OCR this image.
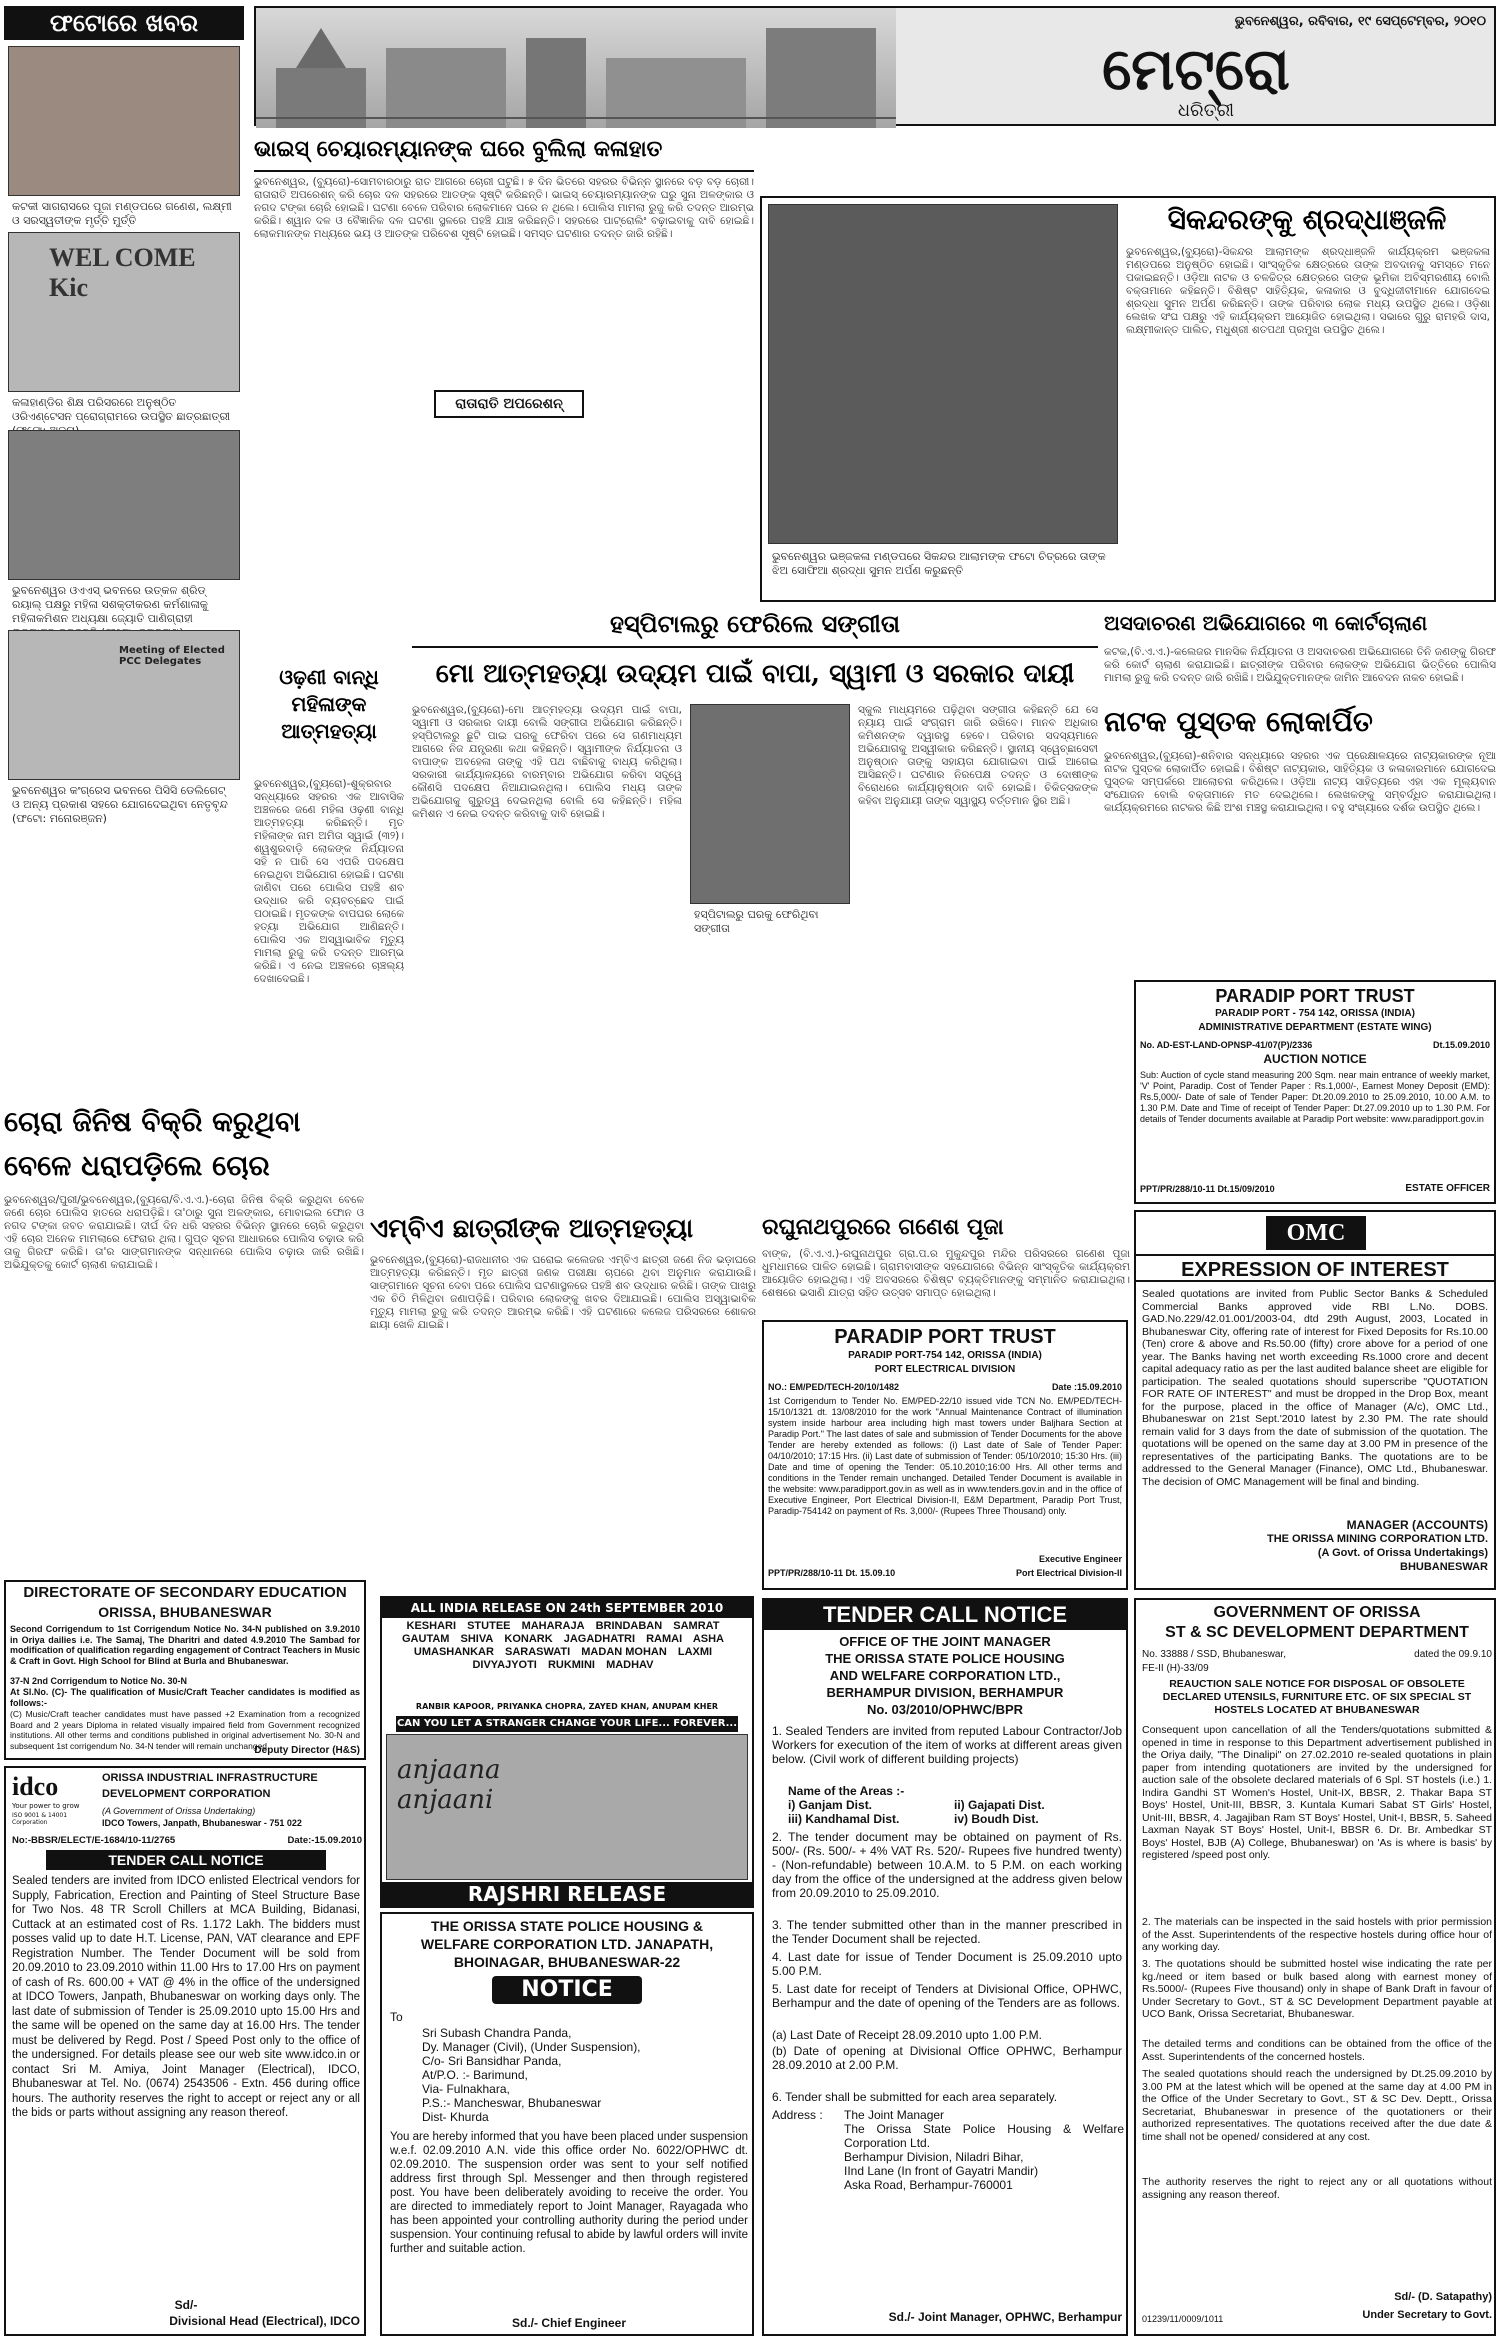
ଫଟୋରେ ଖବର
କଟକୀ ସାଗରାସରେ ପୂଜା ମଣ୍ଡପରେ ଗଣେଶ, ଲକ୍ଷ୍ମୀ ଓ ସରସ୍ୱତୀଙ୍କ ମୃର୍ତ୍ତି ମୁର୍ତ୍ତି
WEL COME Kic
କଳାହାଣ୍ଡିର ଶିକ୍ଷ ପରିସରରେ ଅନୁଷ୍ଠିତ ଓରିଏଣ୍ଟେସନ ପ୍ରୋଗ୍ରାମରେ ଉପସ୍ଥିତ ଛାତ୍ରଛାତ୍ରୀ
ଭୁବନେଶ୍ୱର ଓଏଏସ୍ ଭବନରେ ଉତ୍କଳ ଶ୍ରିଡ୍ ରୟାଲ୍ ପକ୍ଷରୁ ମହିଳା ସଶକ୍ତୀକରଣ କର୍ମଶାଳାକୁ ମହିଳାକମିଶନ ଅଧ୍ୟକ୍ଷା ଜ୍ୟୋତି ପାଣିଗ୍ରାହୀ
Meeting of Elected PCC Delegates
ଭୁବନେଶ୍ୱର କଂଗ୍ରେସ ଭବନରେ ପିସିସି ଡେଲିଗେଟ୍ ଓ ଅନ୍ୟ ପ୍ରକାଶ ସହରେ ଯୋଗଦେଇଥିବା ନେତୃବୃନ୍ଦ (ଫଟୋ: ମନୋରଞ୍ଜନ)
ଭୁବନେଶ୍ୱର, ରବିବାର, ୧୯ ସେପ୍ଟେମ୍ବର, ୨୦୧୦
ମେଟ୍ରୋ
ଧରିତ୍ରୀ
ଭାଇସ୍ ଚେୟାରମ୍ୟାନଙ୍କ ଘରେ ବୁଲିଲା କଳାହାତ
ଭୁବନେଶ୍ୱର, (ବ୍ୟୁରୋ)-ସୋମବାରଠାରୁ ରାତ ଆଗରେ ଚୋରୀ ଘଟୁଛି। ୫ ଦିନ ଭିତରେ ସହରର ବିଭିନ୍ନ ସ୍ଥାନରେ ବଡ଼ ବଡ଼ ଚୋରୀ। ରାତାରାତି ଅପରେଶନ୍ କରି ଚୋର ଦଳ ସହରରେ ଆତଙ୍କ ସୃଷ୍ଟି କରିଛନ୍ତି। ଭାଇସ୍ ଚେୟାରମ୍ୟାନଙ୍କ ଘରୁ ସୁନା ଅଳଙ୍କାର ଓ ନଗଦ ଟଙ୍କା ଚୋରି ହୋଇଛି। ଘଟଣା ବେଳେ ପରିବାର ଲୋକମାନେ ଘରେ ନ ଥିଲେ। ପୋଲିସ ମାମଲା ରୁଜୁ କରି ତଦନ୍ତ ଆରମ୍ଭ କରିଛି। ଶ୍ୱାନ ଦଳ ଓ ବୈଜ୍ଞାନିକ ଦଳ ଘଟଣା ସ୍ଥଳରେ ପହଞ୍ଚି ଯାଞ୍ଚ କରିଛନ୍ତି। ସହରରେ ପାଟ୍ରୋଲିଂ ବଢ଼ାଇବାକୁ ଦାବି ହୋଇଛି। ଲୋକମାନଙ୍କ ମଧ୍ୟରେ ଭୟ ଓ ଆତଙ୍କ ପରିବେଶ ସୃଷ୍ଟି ହୋଇଛି। ସମସ୍ତ ଘଟଣାର ତଦନ୍ତ ଜାରି ରହିଛି।
ରାତାରାତି ଅପରେଶନ୍
ସିକନ୍ଦରଙ୍କୁ ଶ୍ରଦ୍ଧାଞ୍ଜଳି
ଭୁବନେଶ୍ୱର ଭଞ୍ଜକଳା ମଣ୍ଡପରେ ସିକନ୍ଦର ଆଲାମଙ୍କ ଫଟୋ ଚିତ୍ରରେ ତାଙ୍କ ଝିଅ ସୋଫିଆ ଶ୍ରଦ୍ଧା ସୁମନ ଅର୍ପଣ କରୁଛନ୍ତି
ଭୁବନେଶ୍ୱର,(ବ୍ୟୁରୋ)-ସିକନ୍ଦର ଆଲାମଙ୍କ ଶ୍ରଦ୍ଧାଞ୍ଜଳି କାର୍ଯ୍ୟକ୍ରମ ଭଞ୍ଜକଳା ମଣ୍ଡପରେ ଅନୁଷ୍ଠିତ ହୋଇଛି। ସାଂସ୍କୃତିକ କ୍ଷେତ୍ରରେ ତାଙ୍କ ଅବଦାନକୁ ସମସ୍ତେ ମନେ ପକାଇଛନ୍ତି। ଓଡ଼ିଆ ନାଟକ ଓ ଚଳଚ୍ଚିତ୍ର କ୍ଷେତ୍ରରେ ତାଙ୍କ ଭୂମିକା ଅବିସ୍ମରଣୀୟ ବୋଲି ବକ୍ତାମାନେ କହିଛନ୍ତି। ବିଶିଷ୍ଟ ସାହିତ୍ୟିକ, କଳାକାର ଓ ବୁଦ୍ଧିଜୀବୀମାନେ ଯୋଗଦେଇ ଶ୍ରଦ୍ଧା ସୁମନ ଅର୍ପଣ କରିଛନ୍ତି। ତାଙ୍କ ପରିବାର ଲୋକ ମଧ୍ୟ ଉପସ୍ଥିତ ଥିଲେ। ଓଡ଼ିଶା ଲେଖକ ସଂଘ ପକ୍ଷରୁ ଏହି କାର୍ଯ୍ୟକ୍ରମ ଆୟୋଜିତ ହୋଇଥିଲା। ସଭାରେ ଗୁରୁ ରାମହରି ଦାସ, ଲକ୍ଷ୍ମୀକାନ୍ତ ପାଲିତ, ମଧୁଶ୍ରୀ ଶତପଥୀ ପ୍ରମୁଖ ଉପସ୍ଥିତ ଥିଲେ।
ଓଢ଼ଣୀ ବାନ୍ଧି ମହିଳାଙ୍କ ଆତ୍ମହତ୍ୟା
ଭୁବନେଶ୍ୱର,(ବ୍ୟୁରୋ)-ଶୁକ୍ରବାର ସନ୍ଧ୍ୟାରେ ସହରର ଏକ ଆବାସିକ ଅଞ୍ଚଳରେ ଜଣେ ମହିଳା ଓଢ଼ଣୀ ବାନ୍ଧି ଆତ୍ମହତ୍ୟା କରିଛନ୍ତି। ମୃତ ମହିଳାଙ୍କ ନାମ ଅମିତା ସ୍ୱାଇଁ (୩୨)। ଶ୍ୱଶୁରବାଡ଼ି ଲୋକଙ୍କ ନିର୍ଯ୍ୟାତନା ସହି ନ ପାରି ସେ ଏପରି ପଦକ୍ଷେପ ନେଇଥିବା ଅଭିଯୋଗ ହୋଇଛି। ଘଟଣା ଜାଣିବା ପରେ ପୋଲିସ ପହଞ୍ଚି ଶବ ଉଦ୍ଧାର କରି ବ୍ୟବଚ୍ଛେଦ ପାଇଁ ପଠାଇଛି। ମୃତକଙ୍କ ବାପଘର ଲୋକେ ହତ୍ୟା ଅଭିଯୋଗ ଆଣିଛନ୍ତି। ପୋଲିସ ଏକ ଅସ୍ୱାଭାବିକ ମୃତ୍ୟୁ ମାମଲା ରୁଜୁ କରି ତଦନ୍ତ ଆରମ୍ଭ କରିଛି। ଏ ନେଇ ଅଞ୍ଚଳରେ ଚାଞ୍ଚଲ୍ୟ ଦେଖାଦେଇଛି।
ହସ୍ପିଟାଲରୁ ଫେରିଲେ ସଙ୍ଗୀତା
ମୋ ଆତ୍ମହତ୍ୟା ଉଦ୍ୟମ ପାଇଁ ବାପା, ସ୍ୱାମୀ ଓ ସରକାର ଦାୟୀ
ଭୁବନେଶ୍ୱର,(ବ୍ୟୁରୋ)-ମୋ ଆତ୍ମହତ୍ୟା ଉଦ୍ୟମ ପାଇଁ ବାପା, ସ୍ୱାମୀ ଓ ସରକାର ଦାୟୀ ବୋଲି ସଙ୍ଗୀତା ଅଭିଯୋଗ କରିଛନ୍ତି। ହସ୍ପିଟାଲରୁ ଛୁଟି ପାଇ ଘରକୁ ଫେରିବା ପରେ ସେ ଗଣମାଧ୍ୟମ ଆଗରେ ନିଜ ଯନ୍ତ୍ରଣା କଥା କହିଛନ୍ତି। ସ୍ୱାମୀଙ୍କ ନିର୍ଯ୍ୟାତନା ଓ ବାପାଙ୍କ ଅବହେଳା ତାଙ୍କୁ ଏହି ପଥ ବାଛିବାକୁ ବାଧ୍ୟ କରିଥିଲା। ସରକାରୀ କାର୍ଯ୍ୟାଳୟରେ ବାରମ୍ବାର ଅଭିଯୋଗ କରିବା ସତ୍ତ୍ୱେ କୌଣସି ପଦକ୍ଷେପ ନିଆଯାଇନଥିଲା। ପୋଲିସ ମଧ୍ୟ ତାଙ୍କ ଅଭିଯୋଗକୁ ଗୁରୁତ୍ୱ ଦେଇନଥିଲା ବୋଲି ସେ କହିଛନ୍ତି। ମହିଳା କମିଶନ ଏ ନେଇ ତଦନ୍ତ କରିବାକୁ ଦାବି ହୋଇଛି।
ହସ୍ପିଟାଲରୁ ଘରକୁ ଫେରିଥିବା ସଙ୍ଗୀତା
ସ୍କୁଲ ମାଧ୍ୟମରେ ପଢ଼ିଥିବା ସଙ୍ଗୀତା କହିଛନ୍ତି ଯେ ସେ ନ୍ୟାୟ ପାଇଁ ସଂଗ୍ରାମ ଜାରି ରଖିବେ। ମାନବ ଅଧିକାର କମିଶନଙ୍କ ଦ୍ୱାରସ୍ଥ ହେବେ। ପରିବାର ସଦସ୍ୟମାନେ ଅଭିଯୋଗକୁ ଅସ୍ୱୀକାର କରିଛନ୍ତି। ସ୍ଥାନୀୟ ସ୍ୱେଚ୍ଛାସେବୀ ଅନୁଷ୍ଠାନ ତାଙ୍କୁ ସହାୟତା ଯୋଗାଇବା ପାଇଁ ଆଗେଇ ଆସିଛନ୍ତି। ଘଟଣାର ନିରପେକ୍ଷ ତଦନ୍ତ ଓ ଦୋଷୀଙ୍କ ବିରୋଧରେ କାର୍ଯ୍ୟାନୁଷ୍ଠାନ ଦାବି ହୋଇଛି। ଚିକିତ୍ସକଙ୍କ କହିବା ଅନୁଯାୟୀ ତାଙ୍କ ସ୍ୱାସ୍ଥ୍ୟ ବର୍ତ୍ତମାନ ସ୍ଥିର ଅଛି।
ଅସଦାଚରଣ ଅଭିଯୋଗରେ ୩ କୋର୍ଟଚାଲାଣ
କଟକ,(ବି.ଏ.ଏ.)-କଲେଜର ମାନସିକ ନିର୍ଯ୍ୟାତନା ଓ ଅସଦାଚରଣ ଅଭିଯୋଗରେ ତିନି ଜଣଙ୍କୁ ଗିରଫ କରି କୋର୍ଟ ଚାଲାଣ କରାଯାଇଛି। ଛାତ୍ରୀଙ୍କ ପରିବାର ଲୋକଙ୍କ ଅଭିଯୋଗ ଭିତ୍ତିରେ ପୋଲିସ ମାମଲା ରୁଜୁ କରି ତଦନ୍ତ ଜାରି ରଖିଛି। ଅଭିଯୁକ୍ତମାନଙ୍କ ଜାମିନ ଆବେଦନ ନାକଚ ହୋଇଛି।
ନାଟକ ପୁସ୍ତକ ଲୋକାର୍ପିତ
ଭୁବନେଶ୍ୱର,(ବ୍ୟୁରୋ)-ଶନିବାର ସନ୍ଧ୍ୟାରେ ସହରର ଏକ ପ୍ରେକ୍ଷାଳୟରେ ନାଟ୍ୟକାରଙ୍କ ନୂଆ ନାଟକ ପୁସ୍ତକ ଲୋକାର୍ପିତ ହୋଇଛି। ବିଶିଷ୍ଟ ନାଟ୍ୟକାର, ସାହିତ୍ୟିକ ଓ କଳାକାରମାନେ ଯୋଗଦେଇ ପୁସ୍ତକ ସମ୍ପର୍କରେ ଆଲୋଚନା କରିଥିଲେ। ଓଡ଼ିଆ ନାଟ୍ୟ ସାହିତ୍ୟରେ ଏହା ଏକ ମୂଲ୍ୟବାନ ସଂଯୋଜନ ବୋଲି ବକ୍ତାମାନେ ମତ ଦେଇଥିଲେ। ଲେଖକଙ୍କୁ ସମ୍ବର୍ଦ୍ଧିତ କରାଯାଇଥିଲା। କାର୍ଯ୍ୟକ୍ରମରେ ନାଟକର କିଛି ଅଂଶ ମଞ୍ଚସ୍ଥ କରାଯାଇଥିଲା। ବହୁ ସଂଖ୍ୟାରେ ଦର୍ଶକ ଉପସ୍ଥିତ ଥିଲେ।
PARADIP PORT TRUST
PARADIP PORT - 754 142, ORISSA (INDIA)
ADMINISTRATIVE DEPARTMENT (ESTATE WING)
No. AD-EST-LAND-OPNSP-41/07(P)/2336	Dt.15.09.2010
AUCTION NOTICE
Sub: Auction of cycle stand measuring 200 Sqm. near main entrance of weekly market, 'V' Point, Paradip. Cost of Tender Paper : Rs.1,000/-, Earnest Money Deposit (EMD): Rs.5,000/- Date of sale of Tender Paper: Dt.20.09.2010 to 25.09.2010, 10.00 A.M. to 1.30 P.M. Date and Time of receipt of Tender Paper: Dt.27.09.2010 up to 1.30 P.M. For details of Tender documents available at Paradip Port website: www.paradipport.gov.in
PPT/PR/288/10-11 Dt.15/09/2010	ESTATE OFFICER
ଚୋରା ଜିନିଷ ବିକ୍ରି କରୁଥିବା ବେଳେ ଧରାପଡ଼ିଲେ ଚୋର
ଭୁବନେଶ୍ୱର/ପୁରୀ/ଭୁବନେଶ୍ୱର,(ବ୍ୟୁରୋ/ବି.ଏ.ଏ.)-ଚୋରା ଜିନିଷ ବିକ୍ରି କରୁଥିବା ବେଳେ ଜଣେ ଚୋର ପୋଲିସ ହାତରେ ଧରାପଡ଼ିଛି। ତା'ଠାରୁ ସୁନା ଅଳଙ୍କାର, ମୋବାଇଲ ଫୋନ ଓ ନଗଦ ଟଙ୍କା ଜବତ କରାଯାଇଛି। ଦୀର୍ଘ ଦିନ ଧରି ସହରର ବିଭିନ୍ନ ସ୍ଥାନରେ ଚୋରି କରୁଥିବା ଏହି ଚୋର ଅନେକ ମାମଲାରେ ଫେରାର ଥିଲା। ଗୁପ୍ତ ସୂଚନା ଆଧାରରେ ପୋଲିସ ଚଢ଼ାଉ କରି ତାକୁ ଗିରଫ କରିଛି। ତା'ର ସାଙ୍ଗମାନଙ୍କ ସନ୍ଧାନରେ ପୋଲିସ ଚଢ଼ାଉ ଜାରି ରଖିଛି। ଅଭିଯୁକ୍ତକୁ କୋର୍ଟ ଚାଲାଣ କରାଯାଇଛି।
ଏମ୍‌ବିଏ ଛାତ୍ରୀଙ୍କ ଆତ୍ମହତ୍ୟା
ଭୁବନେଶ୍ୱର,(ବ୍ୟୁରୋ)-ରାଜଧାନୀର ଏକ ଘରୋଇ କଲେଜର ଏମ୍‌ବିଏ ଛାତ୍ରୀ ଜଣେ ନିଜ ଭଡ଼ାଘରେ ଆତ୍ମହତ୍ୟା କରିଛନ୍ତି। ମୃତ ଛାତ୍ରୀ ଜଣକ ପରୀକ୍ଷା ଚାପରେ ଥିବା ଅନୁମାନ କରାଯାଉଛି। ସାଙ୍ଗମାନେ ସୂଚନା ଦେବା ପରେ ପୋଲିସ ଘଟଣାସ୍ଥଳରେ ପହଞ୍ଚି ଶବ ଉଦ୍ଧାର କରିଛି। ତାଙ୍କ ପାଖରୁ ଏକ ଚିଠି ମିଳିଥିବା ଜଣାପଡ଼ିଛି। ପରିବାର ଲୋକଙ୍କୁ ଖବର ଦିଆଯାଇଛି। ପୋଲିସ ଅସ୍ୱାଭାବିକ ମୃତ୍ୟୁ ମାମଲା ରୁଜୁ କରି ତଦନ୍ତ ଆରମ୍ଭ କରିଛି। ଏହି ଘଟଣାରେ କଲେଜ ପରିସରରେ ଶୋକର ଛାୟା ଖେଳି ଯାଇଛି।
ରଘୁନାଥପୁରରେ ଗଣେଶ ପୂଜା
ବାଙ୍କ, (ବି.ଏ.ଏ.)-ରଘୁନାଥପୁର ଗ୍ରା.ପ.ର ମୁକୁନ୍ଦପୁର ମନ୍ଦିର ପରିସରରେ ଗଣେଶ ପୂଜା ଧୁମଧାମରେ ପାଳିତ ହୋଇଛି। ଗ୍ରାମବାସୀଙ୍କ ସହଯୋଗରେ ବିଭିନ୍ନ ସାଂସ୍କୃତିକ କାର୍ଯ୍ୟକ୍ରମ ଆୟୋଜିତ ହୋଇଥିଲା। ଏହି ଅବସରରେ ବିଶିଷ୍ଟ ବ୍ୟକ୍ତିମାନଙ୍କୁ ସମ୍ମାନିତ କରାଯାଇଥିଲା। ଶେଷରେ ଭସାଣି ଯାତ୍ରା ସହିତ ଉତ୍ସବ ସମାପ୍ତ ହୋଇଥିଲା।
OMC
EXPRESSION OF INTEREST
Sealed quotations are invited from Public Sector Banks & Scheduled Commercial Banks approved vide RBI L.No. DOBS. GAD.No.229/42.01.001/2003-04, dtd 29th August, 2003, Located in Bhubaneswar City, offering rate of interest for Fixed Deposits for Rs.10.00 (Ten) crore & above and Rs.50.00 (fifty) crore above for a period of one year. The Banks having net worth exceeding Rs.1000 crore and decent capital adequacy ratio as per the last audited balance sheet are eligible for participation. The sealed quotations should superscribe "QUOTATION FOR RATE OF INTEREST" and must be dropped in the Drop Box, meant for the purpose, placed in the office of Manager (A/c), OMC Ltd., Bhubaneswar on 21st Sept.'2010 latest by 2.30 PM. The rate should remain valid for 3 days from the date of submission of the quotation. The quotations will be opened on the same day at 3.00 PM in presence of the representatives of the participating Banks. The quotations are to be addressed to the General Manager (Finance), OMC Ltd., Bhubaneswar. The decision of OMC Management will be final and binding.
MANAGER (ACCOUNTS)
THE ORISSA MINING CORPORATION LTD.
(A Govt. of Orissa Undertakings)
BHUBANESWAR
PARADIP PORT TRUST
PARADIP PORT-754 142, ORISSA (INDIA)
PORT ELECTRICAL DIVISION
NO.: EM/PED/TECH-20/10/1482	Date :15.09.2010
1st Corrigendum to Tender No. EM/PED-22/10 issued vide TCN No. EM/PED/TECH-15/10/1321 dt. 13/08/2010 for the work "Annual Maintenance Contract of illumination system inside harbour area including high mast towers under Baljhara Section at Paradip Port." The last dates of sale and submission of Tender Documents for the above Tender are hereby extended as follows: (i) Last date of Sale of Tender Paper: 04/10/2010; 17:15 Hrs. (ii) Last date of submission of Tender: 05/10/2010; 15:30 Hrs. (iii) Date and time of opening the Tender: 05.10.2010;16:00 Hrs. All other terms and conditions in the Tender remain unchanged. Detailed Tender Document is available in the website: www.paradipport.gov.in as well as in www.tenders.gov.in and in the office of Executive Engineer, Port Electrical Division-II, E&M Department, Paradip Port Trust, Paradip-754142 on payment of Rs. 3,000/- (Rupees Three Thousand) only.
Executive Engineer
PPT/PR/288/10-11 Dt. 15.09.10	Port Electrical Division-II
DIRECTORATE OF SECONDARY EDUCATION
ORISSA, BHUBANESWAR
Second Corrigendum to 1st Corrigendum Notice No. 34-N published on 3.9.2010 in Oriya dailies i.e. The Samaj, The Dharitri and dated 4.9.2010 The Sambad for modification of qualification regarding engagement of Contract Teachers in Music & Craft in Govt. High School for Blind at Burla and Bhubaneswar.
37-N 2nd Corrigendum to Notice No. 30-N
At Sl.No. (C)- The qualification of Music/Craft Teacher candidates is modified as follows:-
(C) Music/Craft teacher candidates must have passed +2 Examination from a recognized Board and 2 years Diploma in related visually impaired field from Government recognized institutions. All other terms and conditions published in original advertisement No. 30-N and subsequent 1st corrigendum No. 34-N tender will remain unchanged.
Deputy Director (H&S)
ALL INDIA RELEASE ON 24th SEPTEMBER 2010
KESHARI STUTEE MAHARAJA BRINDABAN SAMRAT GAUTAM SHIVA KONARK JAGADHATRI RAMAI ASHA UMASHANKAR SARASWATI MADAN MOHAN LAXMI DIVYAJYOTI RUKMINI MADHAV
RANBIR KAPOOR, PRIYANKA CHOPRA, ZAYED KHAN, ANUPAM KHER
CAN YOU LET A STRANGER CHANGE YOUR LIFE... FOREVER...
anjaana anjaani
RAJSHRI RELEASE
THE ORISSA STATE POLICE HOUSING &
WELFARE CORPORATION LTD. JANAPATH,
BHOINAGAR, BHUBANESWAR-22
NOTICE
To
Sri Subash Chandra Panda,
Dy. Manager (Civil), (Under Suspension),
C/o- Sri Bansidhar Panda,
At/P.O. :- Barimund,
Via- Fulnakhara,
P.S.:- Mancheswar, Bhubaneswar
Dist- Khurda
You are hereby informed that you have been placed under suspension w.e.f. 02.09.2010 A.N. vide this office order No. 6022/OPHWC dt. 02.09.2010. The suspension order was sent to your self notified address first through Spl. Messenger and then through registered post. You have been deliberately avoiding to receive the order. You are directed to immediately report to Joint Manager, Rayagada who has been appointed your controlling authority during the period under suspension. Your continuing refusal to abide by lawful orders will invite further and suitable action.
Sd./- Chief Engineer
TENDER CALL NOTICE
OFFICE OF THE JOINT MANAGER
THE ORISSA STATE POLICE HOUSING
AND WELFARE CORPORATION LTD.,
BERHAMPUR DIVISION, BERHAMPUR
No. 03/2010/OPHWC/BPR
1. Sealed Tenders are invited from reputed Labour Contractor/Job Workers for execution of the item of works at different areas given below. (Civil work of different building projects)
Name of the Areas :-
i) Ganjam Dist.	ii) Gajapati Dist.
iii) Kandhamal Dist.	iv) Boudh Dist.
2. The tender document may be obtained on payment of Rs. 500/- (Rs. 500/- + 4% VAT Rs. 520/- Rupees five hundred twenty) - (Non-refundable) between 10.A.M. to 5 P.M. on each working day from the office of the undersigned at the address given below from 20.09.2010 to 25.09.2010.
3. The tender submitted other than in the manner prescribed in the Tender Document shall be rejected.
4. Last date for issue of Tender Document is 25.09.2010 upto 5.00 P.M.
5. Last date for receipt of Tenders at Divisional Office, OPHWC, Berhampur and the date of opening of the Tenders are as follows.
(a) Last Date of Receipt 28.09.2010 upto 1.00 P.M.
(b) Date of opening at Divisional Office OPHWC, Berhampur 28.09.2010 at 2.00 P.M.
6. Tender shall be submitted for each area separately.
Address :	The Joint Manager
The Orissa State Police Housing & Welfare Corporation Ltd.
Berhampur Division, Niladri Bihar,
IInd Lane (In front of Gayatri Mandir)
Aska Road, Berhampur-760001
Sd./- Joint Manager, OPHWC, Berhampur
idco
Your power to grow
ISO 9001 & 14001 Corporation
ORISSA INDUSTRIAL INFRASTRUCTURE
DEVELOPMENT CORPORATION
(A Government of Orissa Undertaking)
IDCO Towers, Janpath, Bhubaneswar - 751 022
No:-BBSR/ELECT/E-1684/10-11/2765	Date:-15.09.2010
TENDER CALL NOTICE
Sealed tenders are invited from IDCO enlisted Electrical vendors for Supply, Fabrication, Erection and Painting of Steel Structure Base for Two Nos. 48 TR Scroll Chillers at MCA Building, Bidanasi, Cuttack at an estimated cost of Rs. 1.172 Lakh. The bidders must posses valid up to date H.T. License, PAN, VAT clearance and EPF Registration Number. The Tender Document will be sold from 20.09.2010 to 23.09.2010 within 11.00 Hrs to 17.00 Hrs on payment of cash of Rs. 600.00 + VAT @ 4% in the office of the undersigned at IDCO Towers, Janpath, Bhubaneswar on working days only. The last date of submission of Tender is 25.09.2010 upto 15.00 Hrs and the same will be opened on the same day at 16.00 Hrs. The tender must be delivered by Regd. Post / Speed Post only to the office of the undersigned. For details please see our web site www.idco.in or contact Sri M. Amiya, Joint Manager (Electrical), IDCO, Bhubaneswar at Tel. No. (0674) 2543506 - Extn. 456 during office hours. The authority reserves the right to accept or reject any or all the bids or parts without assigning any reason thereof.
Sd/-
Divisional Head (Electrical), IDCO
GOVERNMENT OF ORISSA
ST & SC DEVELOPMENT DEPARTMENT
No. 33888 / SSD, Bhubaneswar,	dated the 09.9.10
FE-II (H)-33/09
REAUCTION SALE NOTICE FOR DISPOSAL OF OBSOLETE DECLARED UTENSILS, FURNITURE ETC. OF SIX SPECIAL ST HOSTELS LOCATED AT BHUBANESWAR
Consequent upon cancellation of all the Tenders/quotations submitted & opened in time in response to this Department advertisement published in the Oriya daily, "The Dinalipi" on 27.02.2010 re-sealed quotations in plain paper from intending quotationers are invited by the undersigned for auction sale of the obsolete declared materials of 6 Spl. ST hostels (i.e.) 1. Indira Gandhi ST Women's Hostel, Unit-IX, BBSR, 2. Thakar Bapa ST Boys' Hostel, Unit-III, BBSR, 3. Kuntala Kumari Sabat ST Girls' Hostel, Unit-III, BBSR, 4. Jagajiban Ram ST Boys' Hostel, Unit-I, BBSR, 5. Saheed Laxman Nayak ST Boys' Hostel, Unit-I, BBSR 6. Dr. Br. Ambedkar ST Boys' Hostel, BJB (A) College, Bhubaneswar) on 'As is where is basis' by registered /speed post only.
2. The materials can be inspected in the said hostels with prior permission of the Asst. Superintendents of the respective hostels during office hour of any working day.
3. The quotations should be submitted hostel wise indicating the rate per kg./need or item based or bulk based along with earnest money of Rs.5000/- (Rupees Five thousand) only in shape of Bank Draft in favour of Under Secretary to Govt., ST & SC Development Department payable at UCO Bank, Orissa Secretariat, Bhubaneswar.
The detailed terms and conditions can be obtained from the office of the Asst. Superintendents of the concerned hostels.
The sealed quotations should reach the undersigned by Dt.25.09.2010 by 3.00 PM at the latest which will be opened at the same day at 4.00 PM in the Office of the Under Secretary to Govt., ST & SC Dev. Deptt., Orissa Secretariat, Bhubaneswar in presence of the quotationers or their authorized representatives. The quotations received after the due date & time shall not be opened/ considered at any cost.
The authority reserves the right to reject any or all quotations without assigning any reason thereof.
Sd/- (D. Satapathy)
01239/11/0009/1011	Under Secretary to Govt.
